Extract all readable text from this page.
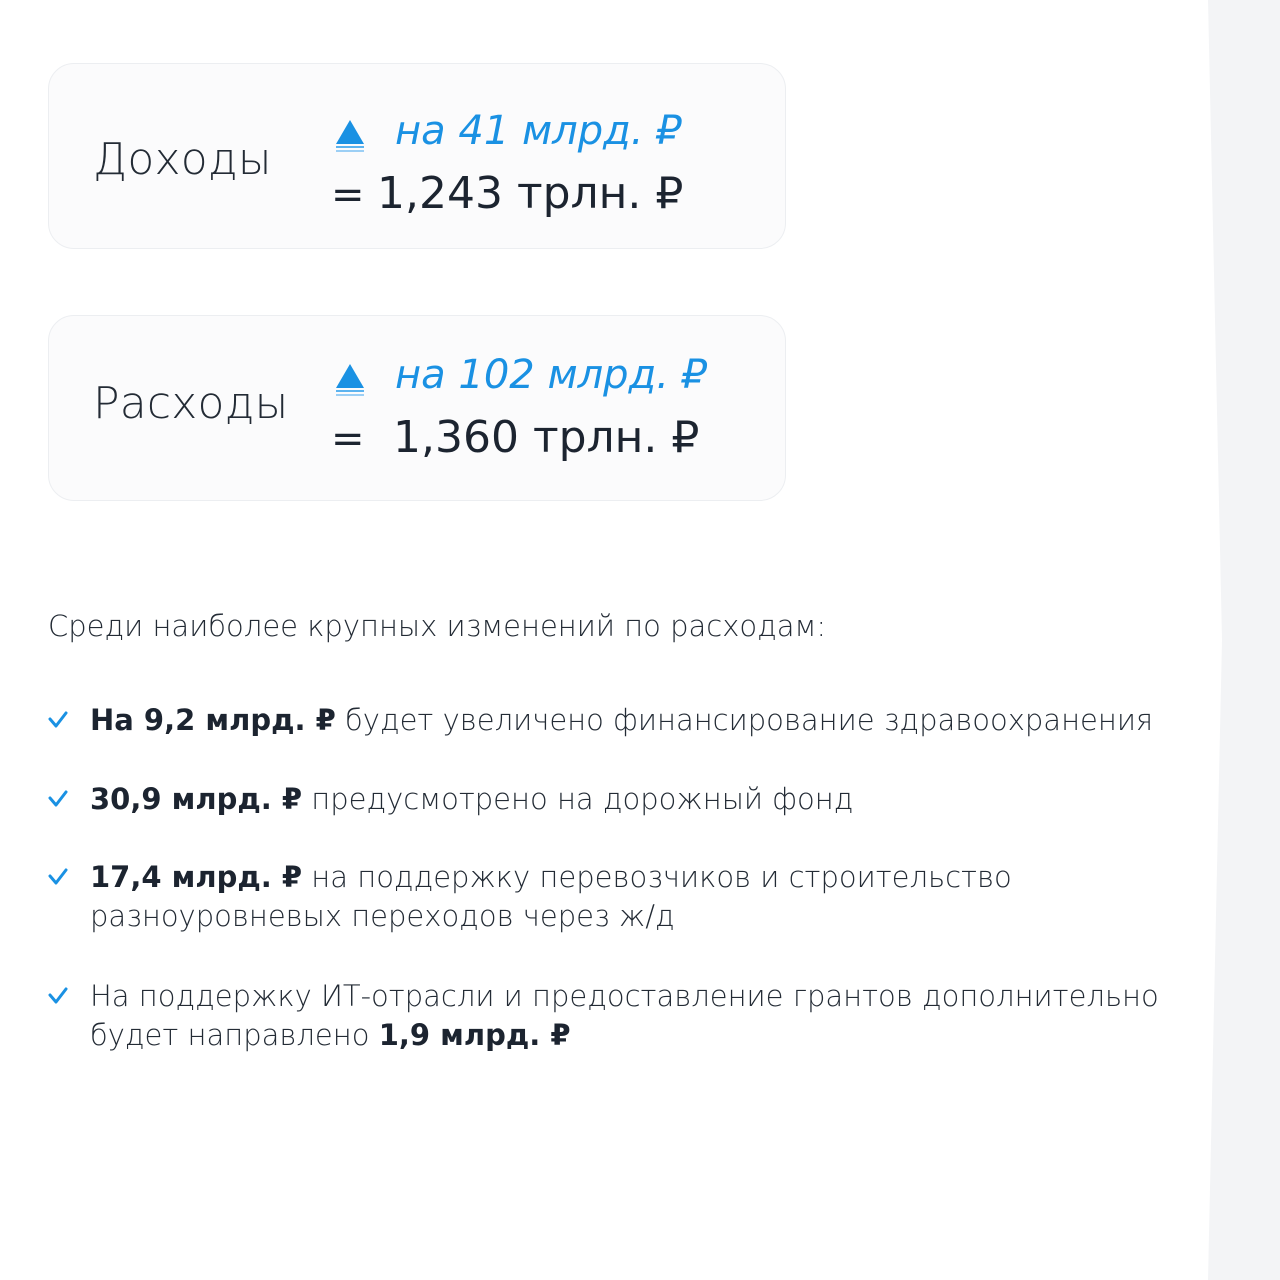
Доходы
на 41 млрд. ₽
= 1,243 трлн. ₽
Расходы
на 102 млрд. ₽
= 1,360 трлн. ₽
Среди наиболее крупных изменений по расходам:
На 9,2 млрд. ₽ будет увеличено финансирование здравоохранения
30,9 млрд. ₽ предусмотрено на дорожный фонд
17,4 млрд. ₽ на поддержку перевозчиков и строительство разноуровневых переходов через ж/д
На поддержку ИТ-отрасли и предоставление грантов дополнительно будет направлено 1,9 млрд. ₽
